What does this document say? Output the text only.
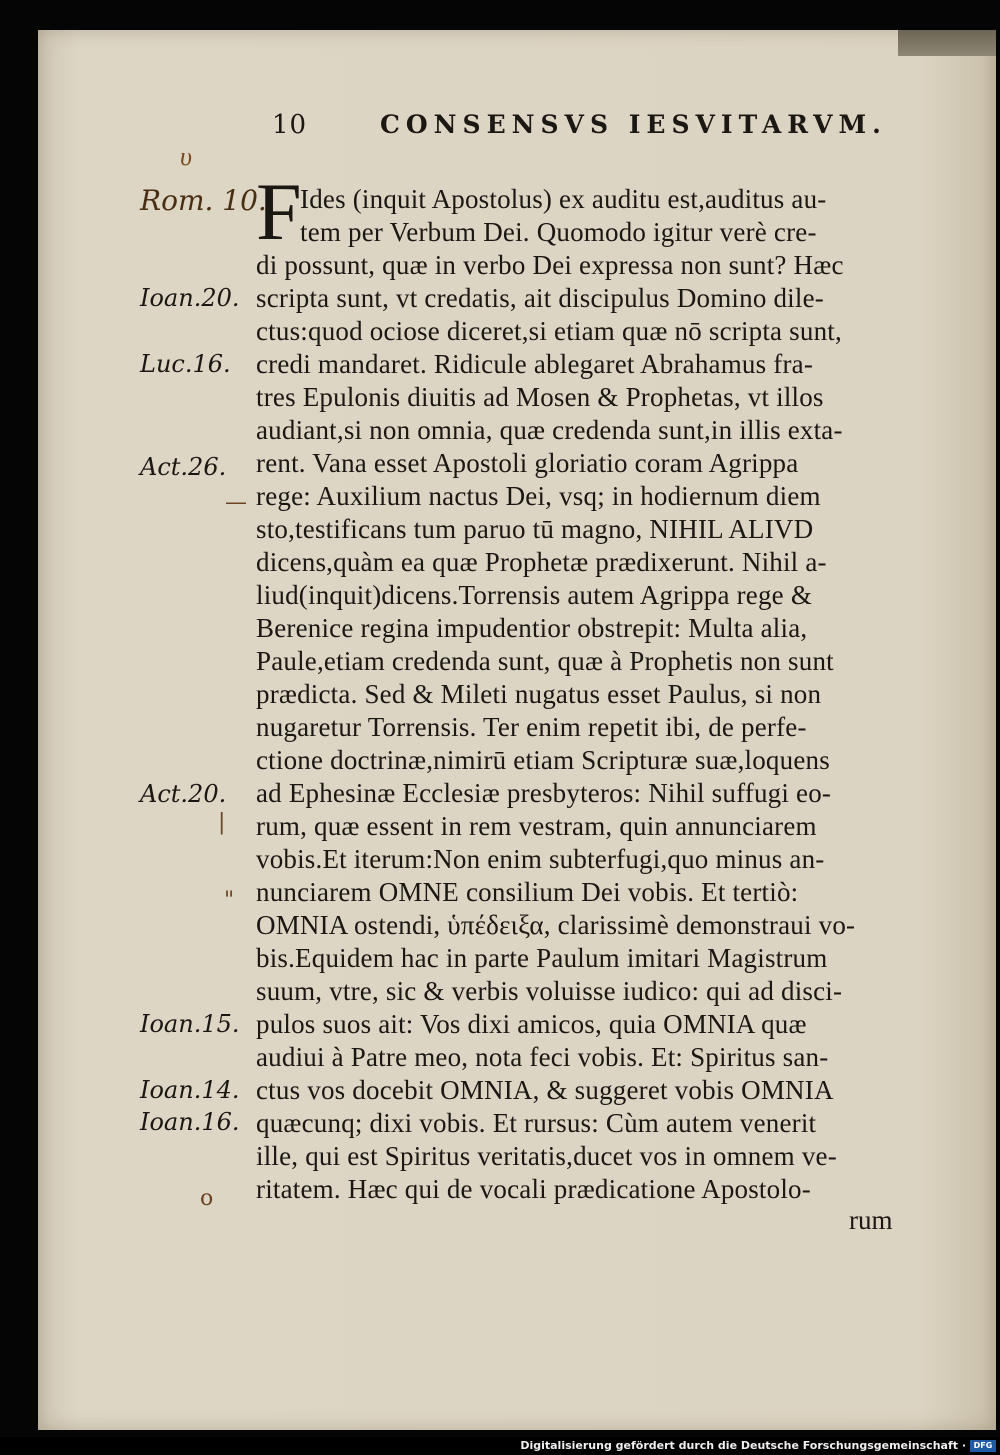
10	CONSENSVS IESVITARVM.
υ
Rom. 10.
Ioan.20.
Luc.16.
Act.26.
Act.20.
Ioan.15.
Ioan.14.
Ioan.16.
—
|
"
o
F
Ides (inquit Apostolus) ex auditu est,auditus au-
tem per Verbum Dei. Quomodo igitur verè cre-
di possunt, quæ in verbo Dei expressa non sunt? Hæc
scripta sunt, vt credatis, ait discipulus Domino dile-
ctus:quod ociose diceret,si etiam quæ nō scripta sunt,
credi mandaret. Ridicule ablegaret Abrahamus fra-
tres Epulonis diuitis ad Mosen & Prophetas, vt illos
audiant,si non omnia, quæ credenda sunt,in illis exta-
rent. Vana esset Apostoli gloriatio coram Agrippa
rege: Auxilium nactus Dei, vsq; in hodiernum diem
sto,testificans tum paruo tū magno, NIHIL ALIVD
dicens,quàm ea quæ Prophetæ prædixerunt. Nihil a-
liud(inquit)dicens.Torrensis autem Agrippa rege &
Berenice regina impudentior obstrepit: Multa alia,
Paule,etiam credenda sunt, quæ à Prophetis non sunt
prædicta. Sed & Mileti nugatus esset Paulus, si non
nugaretur Torrensis. Ter enim repetit ibi, de perfe-
ctione doctrinæ,nimirū etiam Scripturæ suæ,loquens
ad Ephesinæ Ecclesiæ presbyteros: Nihil suffugi eo-
rum, quæ essent in rem vestram, quin annunciarem
vobis.Et iterum:Non enim subterfugi,quo minus an-
nunciarem OMNE consilium Dei vobis. Et tertiò:
OMNIA ostendi, ὑπέδειξα, clarissimè demonstraui vo-
bis.Equidem hac in parte Paulum imitari Magistrum
suum, vtre, sic & verbis voluisse iudico: qui ad disci-
pulos suos ait: Vos dixi amicos, quia OMNIA quæ
audiui à Patre meo, nota feci vobis. Et: Spiritus san-
ctus vos docebit OMNIA, & suggeret vobis OMNIA
quæcunq; dixi vobis. Et rursus: Cùm autem venerit
ille, qui est Spiritus veritatis,ducet vos in omnem ve-
ritatem. Hæc qui de vocali prædicatione Apostolo-
rum
Digitalisierung gefördert durch die Deutsche Forschungsgemeinschaft · DFG
